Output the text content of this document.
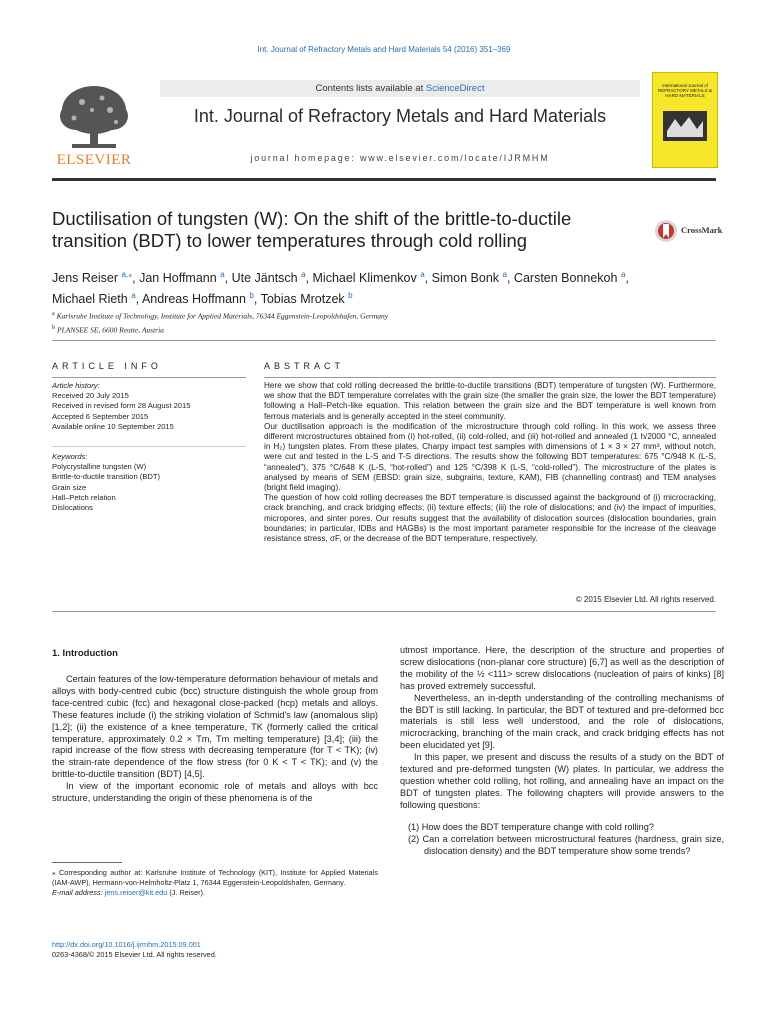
Int. Journal of Refractory Metals and Hard Materials 54 (2016) 351–369
Contents lists available at ScienceDirect
ELSEVIER
Int. Journal of Refractory Metals and Hard Materials
journal homepage: www.elsevier.com/locate/IJRMHM
International Journal of REFRACTORY METALS & HARD MATERIALS
Ductilisation of tungsten (W): On the shift of the brittle-to-ductile transition (BDT) to lower temperatures through cold rolling	CrossMark
Jens Reiser $^{a,⁎}$, Jan Hoffmann $^a$, Ute Jäntsch $^a$, Michael Klimenkov $^a$, Simon Bonk $^a$, Carsten Bonnekoh $^a$,
Michael Rieth $^a$, Andreas Hoffmann $^b$, Tobias Mrotzek $^b$
$^a$ Karlsruhe Institute of Technology, Institute for Applied Materials, 76344 Eggenstein-Leopoldshafen, Germany
$^b$ PLANSEE SE, 6600 Reutte, Austria
ARTICLE INFO	ABSTRACT
Article history:
Received 20 July 2015
Received in revised form 28 August 2015
Accepted 6 September 2015
Available online 10 September 2015
Keywords:
Polycrystalline tungsten (W)
Brittle-to-ductile transition (BDT)
Grain size
Hall–Petch relation
Dislocations

Here we show that cold rolling decreased the brittle-to-ductile transitions (BDT) temperature of tungsten (W). Furthermore, we show that the BDT temperature correlates with the grain size (the smaller the grain size, the lower the BDT temperature) following a Hall–Petch-like equation. This relation between the grain size and the BDT temperature is well known from ferrous materials and is generally accepted in the steel community.

Our ductilisation approach is the modification of the microstructure through cold rolling. In this work, we assess three different microstructures obtained from (i) hot-rolled, (ii) cold-rolled, and (iii) hot-rolled and annealed (1 h/2000 °C, annealed in H₂) tungsten plates. From these plates, Charpy impact test samples with dimensions of 1 × 3 × 27 mm³, without notch, were cut and tested in the L-S and T-S directions. The results show the following BDT temperatures: 675 °C/948 K (L-S, “annealed”), 375 °C/648 K (L-S, “hot-rolled”) and 125 °C/398 K (L-S, “cold-rolled”). The microstructure of the plates is analysed by means of SEM (EBSD: grain size, subgrains, texture, KAM), FIB (channelling contrast) and TEM analyses (bright field imaging).

The question of how cold rolling decreases the BDT temperature is discussed against the background of (i) microcracking, crack branching, and crack bridging effects; (ii) texture effects; (iii) the role of dislocations; and (iv) the impact of impurities, micropores, and sinter pores. Our results suggest that the availability of dislocation sources (dislocation boundaries, grain boundaries; in particular, IDBs and HAGBs) is the most important parameter responsible for the increase of the cleavage resistance stress, σF, or the decrease of the BDT temperature, respectively.

© 2015 Elsevier Ltd. All rights reserved.
1. Introduction

Certain features of the low-temperature deformation behaviour of metals and alloys with body-centred cubic (bcc) structure distinguish the whole group from face-centred cubic (fcc) and hexagonal close-packed (hcp) metals and alloys. These features include (i) the striking violation of Schmid's law (anomalous slip) [1,2]; (ii) the existence of a knee temperature, TK (formerly called the critical temperature, approximately 0.2 × Tm, Tm melting temperature) [3,4]; (iii) the rapid increase of the flow stress with decreasing temperature (for T < TK); (iv) the strain-rate dependence of the flow stress (for 0 K < T < TK); and (v) the brittle-to-ductile transition (BDT) [4,5].

In view of the important economic role of metals and alloys with bcc structure, understanding the origin of these phenomena is of the

utmost importance. Here, the description of the structure and properties of screw dislocations (non-planar core structure) [6,7] as well as the description of the mobility of the ½ <111> screw dislocations (nucleation of pairs of kinks) [8] has proved extremely successful.

Nevertheless, an in-depth understanding of the controlling mechanisms of the BDT is still lacking. In particular, the BDT of textured and pre-deformed bcc materials is still less well understood, and the role of dislocations, microcracking, branching of the main crack, and crack bridging effects has not been elucidated yet [9].

In this paper, we present and discuss the results of a study on the BDT of textured and pre-deformed tungsten (W) plates. In particular, we address the question whether cold rolling, hot rolling, and annealing have an impact on the BDT of tungsten plates. The following chapters will provide answers to the following questions:

(1) How does the BDT temperature change with cold rolling?
(2) Can a correlation between microstructural features (hardness, grain size, dislocation density) and the BDT temperature show some trends?
⁎ Corresponding author at: Karlsruhe Institute of Technology (KIT), Institute for Applied Materials (IAM-AWP), Hermann-von-Helmholtz-Platz 1, 76344 Eggenstein-Leopoldshafen, Germany.
E-mail address: jens.reiser@kit.edu (J. Reiser).
http://dx.doi.org/10.1016/j.ijrmhm.2015.09.001
0263-4368/© 2015 Elsevier Ltd. All rights reserved.
